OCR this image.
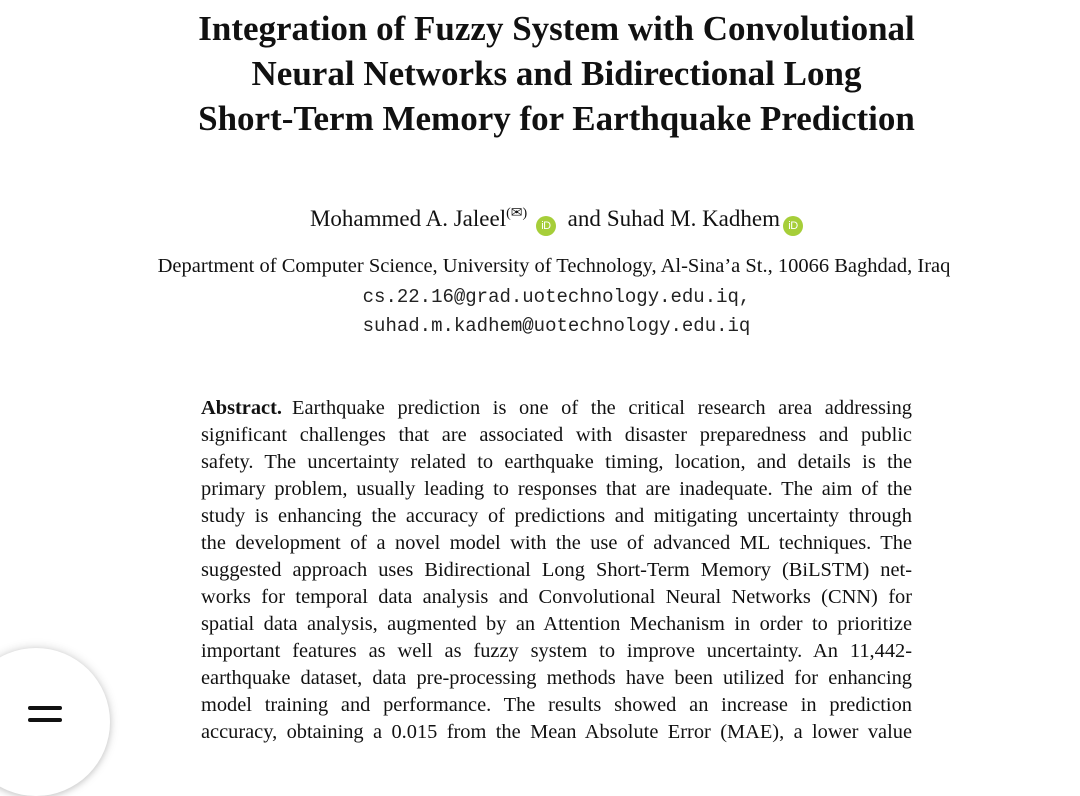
Integration of Fuzzy System with Convolutional
Neural Networks and Bidirectional Long
Short-Term Memory for Earthquake Prediction
Mohammed A. Jaleel(✉) iD and Suhad M. Kadhem iD
Department of Computer Science, University of Technology, Al-Sina’a St., 10066 Baghdad, Iraq
cs.22.16@grad.uotechnology.edu.iq,
suhad.m.kadhem@uotechnology.edu.iq
Abstract. Earthquake prediction is one of the critical research area addressing
significant challenges that are associated with disaster preparedness and public
safety. The uncertainty related to earthquake timing, location, and details is the
primary problem, usually leading to responses that are inadequate. The aim of the
study is enhancing the accuracy of predictions and mitigating uncertainty through
the development of a novel model with the use of advanced ML techniques. The
suggested approach uses Bidirectional Long Short-Term Memory (BiLSTM) net-
works for temporal data analysis and Convolutional Neural Networks (CNN) for
spatial data analysis, augmented by an Attention Mechanism in order to prioritize
important features as well as fuzzy system to improve uncertainty. An 11,442-
earthquake dataset, data pre-processing methods have been utilized for enhancing
model training and performance. The results showed an increase in prediction
accuracy, obtaining a 0.015 from the Mean Absolute Error (MAE), a lower value
